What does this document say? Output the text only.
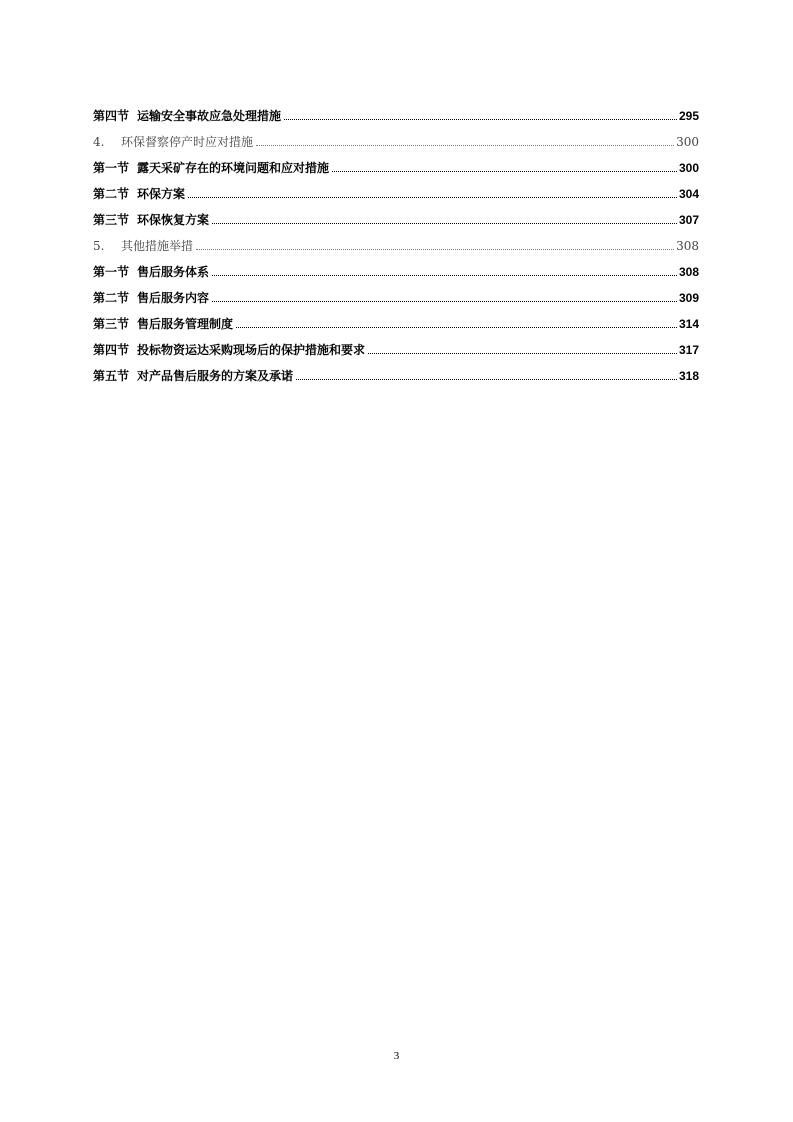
第四节 运输安全事故应急处理措施	295
4.	环保督察停产时应对措施	300
第一节 露天采矿存在的环境问题和应对措施	300
第二节 环保方案	304
第三节 环保恢复方案	307
5.	其他措施举措	308
第一节 售后服务体系	308
第二节 售后服务内容	309
第三节 售后服务管理制度	314
第四节 投标物资运达采购现场后的保护措施和要求	317
第五节 对产品售后服务的方案及承诺	318
3
